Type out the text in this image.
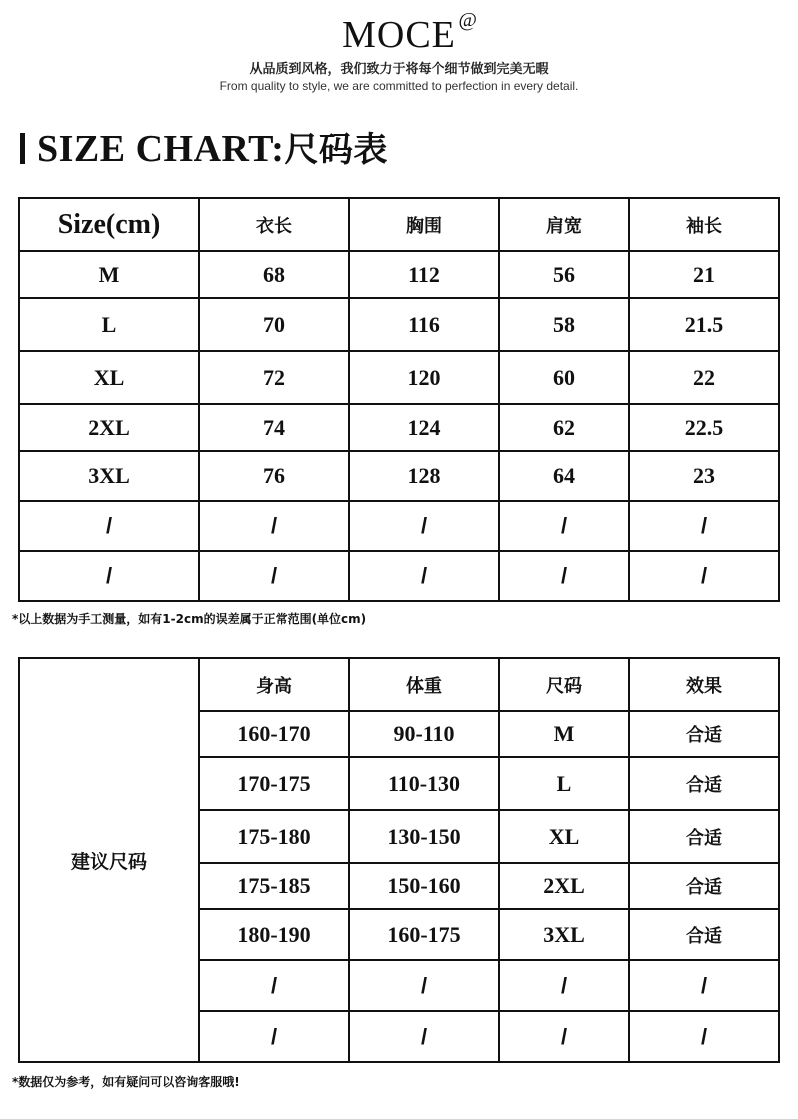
MOCE @
从品质到风格，我们致力于将每个细节做到完美无暇
From quality to style, we are committed to perfection in every detail.
SIZE CHART:尺码表
Size(cm)	衣长	胸围	肩宽	袖长
M	68	112	56	21
L	70	116	58	21.5
XL	72	120	60	22
2XL	74	124	62	22.5
3XL	76	128	64	23
/	/	/	/	/
/	/	/	/	/
*以上数据为手工测量，如有1-2cm的误差属于正常范围(单位cm)
建议尺码	身高	体重	尺码	效果
	160-170	90-110	M	合适
	170-175	110-130	L	合适
	175-180	130-150	XL	合适
	175-185	150-160	2XL	合适
	180-190	160-175	3XL	合适
	/	/	/	/
	/	/	/	/
*数据仅为参考，如有疑问可以咨询客服哦!
